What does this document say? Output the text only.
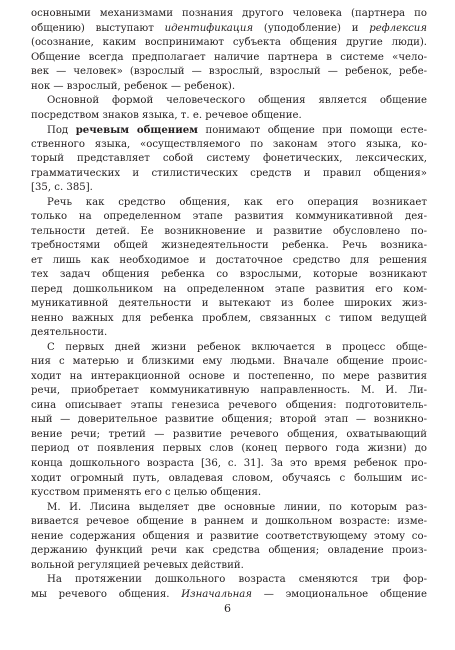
основными механизмами познания другого человека (партнера по
общению) выступают идентификация (уподобление) и рефлексия
(осознание, каким воспринимают субъекта общения другие люди).
Общение всегда предполагает наличие партнера в системе «чело-
век — человек» (взрослый — взрослый, взрослый — ребенок, ребе-
нок — взрослый, ребенок — ребенок).
Основной формой человеческого общения является общение
посредством знаков языка, т. е. речевое общение.
Под речевым общением понимают общение при помощи есте-
ственного языка, «осуществляемого по законам этого языка, ко-
торый представляет собой систему фонетических, лексических,
грамматических и стилистических средств и правил общения»
[35, с. 385].
Речь как средство общения, как его операция возникает
только на определенном этапе развития коммуникативной дея-
тельности детей. Ее возникновение и развитие обусловлено по-
требностями общей жизнедеятельности ребенка. Речь возника-
ет лишь как необходимое и достаточное средство для решения
тех задач общения ребенка со взрослыми, которые возникают
перед дошкольником на определенном этапе развития его ком-
муникативной деятельности и вытекают из более широких жиз-
ненно важных для ребенка проблем, связанных с типом ведущей
деятельности.
С первых дней жизни ребенок включается в процесс обще-
ния с матерью и близкими ему людьми. Вначале общение проис-
ходит на интеракционной основе и постепенно, по мере развития
речи, приобретает коммуникативную направленность. М. И. Ли-
сина описывает этапы генезиса речевого общения: подготовитель-
ный — доверительное развитие общения; второй этап — возникно-
вение речи; третий — развитие речевого общения, охватывающий
период от появления первых слов (конец первого года жизни) до
конца дошкольного возраста [36, с. 31]. За это время ребенок про-
ходит огромный путь, овладевая словом, обучаясь с большим ис-
кусством применять его с целью общения.
М. И. Лисина выделяет две основные линии, по которым раз-
вивается речевое общение в раннем и дошкольном возрасте: изме-
нение содержания общения и развитие соответствующему этому со-
держанию функций речи как средства общения; овладение произ-
вольной регуляцией речевых действий.
На протяжении дошкольного возраста сменяются три фор-
мы речевого общения. Изначальная — эмоциональное общение
6
